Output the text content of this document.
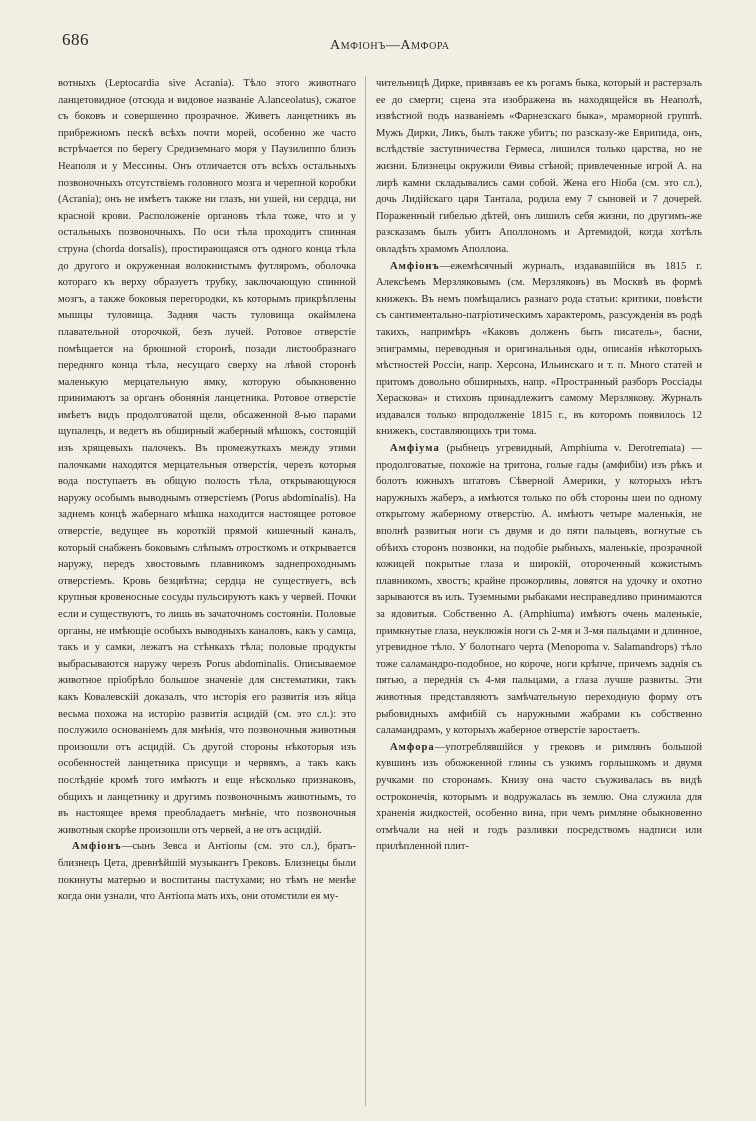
686	Амфіонъ—Амфора

вотныхъ (Leptocardia sive Acrania). Тѣло этого животнаго ланцетовидное (отсюда и видовое названіе A.lanceolatus), сжатое съ боковъ и совершенно прозрачное. Живетъ ланцетникъ въ прибрежномъ пескѣ всѣхъ почти морей, особенно же часто встрѣчается по берегу Средиземнаго моря у Паузилиппо близъ Неаполя и у Мессины. Онъ отличается отъ всѣхъ остальныхъ позвоночныхъ отсутствіемъ головного мозга и черепной коробки (Acrania); онъ не имѣетъ также ни глазъ, ни ушей, ни сердца, ни красной крови. Расположеніе органовъ тѣла тоже, что и у остальныхъ позвоночныхъ. По оси тѣла проходитъ спинная струна (chorda dorsalis), простирающаяся отъ одного конца тѣла до другого и окруженная волокнистымъ футляромъ, оболочка котораго къ верху образуетъ трубку, заключающую спинной мозгъ, а также боковыя перегородки, къ которымъ прикрѣплены мышцы туловища. Задняя часть туловища окаймлена плавательной оторочкой, безъ лучей. Ротовое отверстіе помѣщается на брюшной сторонѣ, позади листообразнаго передняго конца тѣла, несущаго сверху на лѣвой сторонѣ маленькую мерцательную ямку, которую обыкновенно принимаютъ за органъ обонянія ланцетника. Ротовое отверстіе имѣетъ видъ продолговатой щели, обсаженной 8-ью парами щупалецъ, и ведетъ въ обширный жаберный мѣшокъ, состоящій изъ хрящевыхъ палочекъ. Въ промежуткахъ между этими палочками находятся мерцательныя отверстія, черезъ которыя вода поступаетъ въ общую полость тѣла, открывающуюся наружу особымъ выводнымъ отверстіемъ (Porus abdominalis). На заднемъ концѣ жабернаго мѣшка находится настоящее ротовое отверстіе, ведущее въ короткій прямой кишечный каналъ, который снабженъ боковымъ слѣпымъ отросткомъ и открывается наружу, передъ хвостовымъ плавникомъ заднепроходнымъ отверстіемъ. Кровь безцвѣтна; сердца не существуетъ, всѣ крупныя кровеносные сосуды пульсируютъ какъ у червей. Почки если и существуютъ, то лишь въ зачаточномъ состояніи. Половые органы, не имѣющіе особыхъ выводныхъ каналовъ, какъ у самца, такъ и у самки, лежатъ на стѣнкахъ тѣла; половые продукты выбрасываются наружу черезъ Porus abdominalis. Описываемое животное пріобрѣло большое значеніе для систематики, такъ какъ Ковалевскій доказалъ, что исторія его развитія изъ яйца весьма похожа на исторію развитія асцидій (см. это сл.): это послужило основаніемъ для мнѣнія, что позвоночныя животныя произошли отъ асцидій. Съ другой стороны нѣкоторыя изъ особенностей ланцетника присущи и червямъ, а такъ какъ послѣдніе кромѣ того имѣютъ и еще нѣсколько признаковъ, общихъ и ланцетнику и другимъ позвоночнымъ животнымъ, то въ настоящее время преобладаетъ мнѣніе, что позвоночныя животныя скорѣе произошли отъ червей, а не отъ асцидій.

Амфіонъ—сынъ Зевса и Антіопы (см. это сл.), братъ-близнецъ Цета, древнѣйшій музыкантъ Грековъ. Близнецы были покинуты матерью и воспитаны пастухами; но тѣмъ не менѣе когда они узнали, что Антіопа мать ихъ, они отомстили ея му-

чительницѣ Дирке, привязавъ ее къ рогамъ быка, который и растерзалъ ее до смерти; сцена эта изображена въ находящейся въ Неаполѣ, извѣстной подъ названіемъ «Фарнезскаго быка», мраморной группѣ. Мужъ Дирки, Ликъ, былъ также убитъ; по разсказу-же Еврипида, онъ, вслѣдствіе заступничества Гермеса, лишился только царства, но не жизни. Близнецы окружили Ѳивы стѣной; привлеченные игрой А. на лирѣ камни складывались сами собой. Жена его Ніоба (см. это сл.), дочь Лидійскаго царя Тантала, родила ему 7 сыновей и 7 дочерей. Пораженный гибелью дѣтей, онъ лишилъ себя жизни, по другимъ-же разсказамъ былъ убитъ Аполлономъ и Артемидой, когда хотѣлъ овладѣть храмомъ Аполлона.

Амфіонъ—ежемѣсячный журналъ, издававшійся въ 1815 г. Алексѣемъ Мерзляковымъ (см. Мерзляковъ) въ Москвѣ въ формѣ книжекъ. Въ немъ помѣщались разнаго рода статьи: критики, повѣсти съ сантиментально-патріотическимъ характеромъ, разсужденія въ родѣ такихъ, напримѣръ «Каковъ долженъ быть писатель», басни, эпиграммы, переводныя и оригинальныя оды, описанія нѣкоторыхъ мѣстностей Россіи, напр. Херсона, Ильинскаго и т. п. Много статей и притомъ довольно обширныхъ, напр. «Пространный разборъ Россіады Хераскова» и стиховъ принадлежитъ самому Мерзлякову. Журналъ издавался только впродолженіе 1815 г., въ которомъ появилось 12 книжекъ, составляющихъ три тома.

Амфіума (рыбнецъ угревидный, Amphiuma v. Derotremata) — продолговатые, похожіе на тритона, голые гады (амфибіи) изъ рѣкъ и болотъ южныхъ штатовъ Сѣверной Америки, у которыхъ нѣтъ наружныхъ жаберъ, а имѣются только по обѣ стороны шеи по одному открытому жаберному отверстію. А. имѣютъ четыре маленькія, не вполнѣ развитыя ноги съ двумя и до пяти пальцевъ, вогнутые съ обѣихъ сторонъ позвонки, на подобіе рыбныхъ, маленькіе, прозрачной кожицей покрытые глаза и широкій, отороченный кожистымъ плавникомъ, хвостъ; крайне прожорливы, ловятся на удочку и охотно зарываются въ илъ. Туземными рыбаками несправедливо принимаются за ядовитыя. Собственно А. (Amphiuma) имѣютъ очень маленькіе, примкнутые глаза, неуклюжія ноги съ 2-мя и 3-мя пальцами и длинное, угревидное тѣло. У болотнаго черта (Menopoma v. Salamandrops) тѣло тоже саламандро-подобное, но короче, ноги крѣпче, причемъ заднія съ пятью, а переднія съ 4-мя пальцами, а глаза лучше развиты. Эти животныя представляютъ замѣчательную переходную форму отъ рыбовидныхъ амфибій съ наружными жабрами къ собственно саламандрамъ, у которыхъ жаберное отверстіе заростаетъ.

Амфора—употреблявшійся у грековъ и римлянъ большой кувшинъ изъ обожженной глины съ узкимъ горлышкомъ и двумя ручками по сторонамъ. Книзу она часто съуживалась въ видѣ остроконечія, которымъ и водружалась въ землю. Она служила для храненія жидкостей, особенно вина, при чемъ римляне обыкновенно отмѣчали на ней и годъ разливки посредствомъ надписи или прилѣпленной плит-
